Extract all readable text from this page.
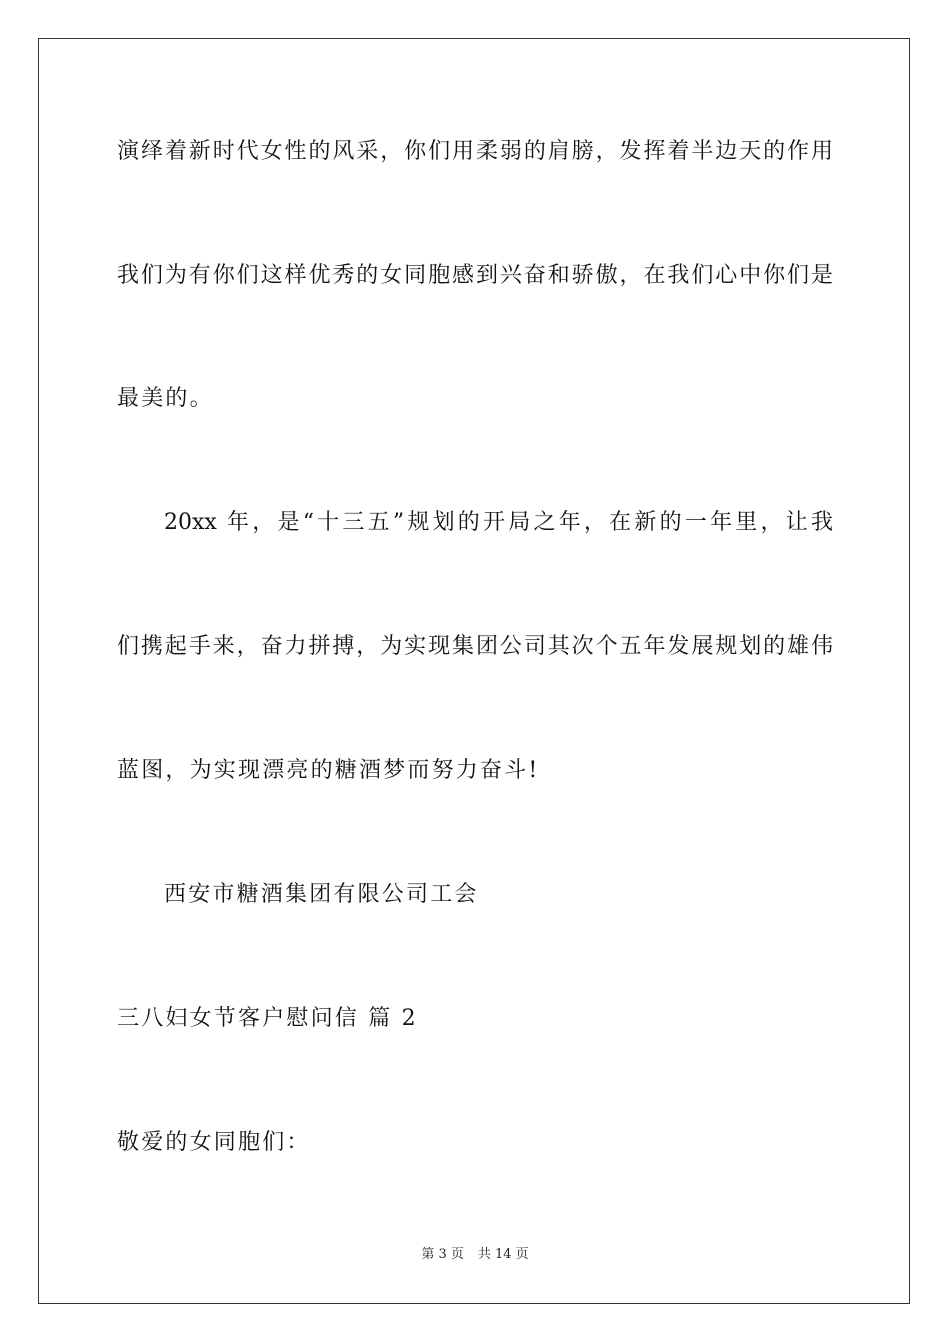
演绎着新时代女性的风采，你们用柔弱的肩膀，发挥着半边天的作用
我们为有你们这样优秀的女同胞感到兴奋和骄傲，在我们心中你们是
最美的。
20xx 年，是“十三五”规划的开局之年，在新的一年里，让我
们携起手来，奋力拼搏，为实现集团公司其次个五年发展规划的雄伟
蓝图，为实现漂亮的糖酒梦而努力奋斗!
西安市糖酒集团有限公司工会
三八妇女节客户慰问信 篇 2
敬爱的女同胞们：
第 3 页 共 14 页
